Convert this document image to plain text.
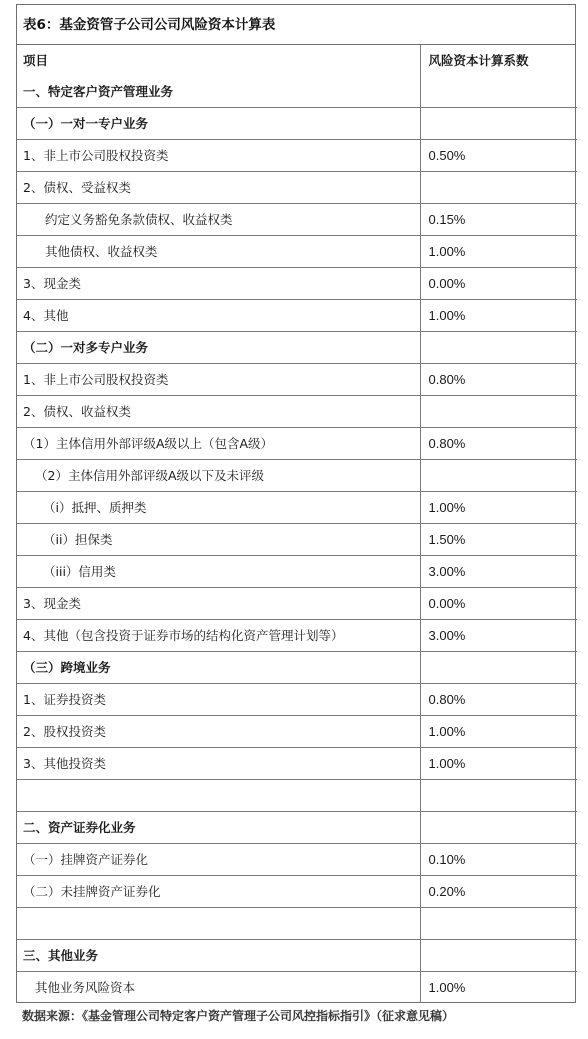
表6：基金资管子公司公司风险资本计算表
项目	风险资本计算系数
一、特定客户资产管理业务	
（一）一对一专户业务	
1、非上市公司股权投资类	0.50%
2、债权、受益权类	
约定义务豁免条款债权、收益权类	0.15%
其他债权、收益权类	1.00%
3、现金类	0.00%
4、其他	1.00%
（二）一对多专户业务	
1、非上市公司股权投资类	0.80%
2、债权、收益权类	
（1）主体信用外部评级A级以上（包含A级）	0.80%
（2）主体信用外部评级A级以下及未评级	
（i）抵押、质押类	1.00%
（ii）担保类	1.50%
（iii）信用类	3.00%
3、现金类	0.00%
4、其他（包含投资于证券市场的结构化资产管理计划等）	3.00%
（三）跨境业务	
1、证券投资类	0.80%
2、股权投资类	1.00%
3、其他投资类	1.00%

二、资产证券化业务	
（一）挂牌资产证券化	0.10%
（二）未挂牌资产证券化	0.20%

三、其他业务	
其他业务风险资本	1.00%
数据来源：《基金管理公司特定客户资产管理子公司风控指标指引》（征求意见稿）
